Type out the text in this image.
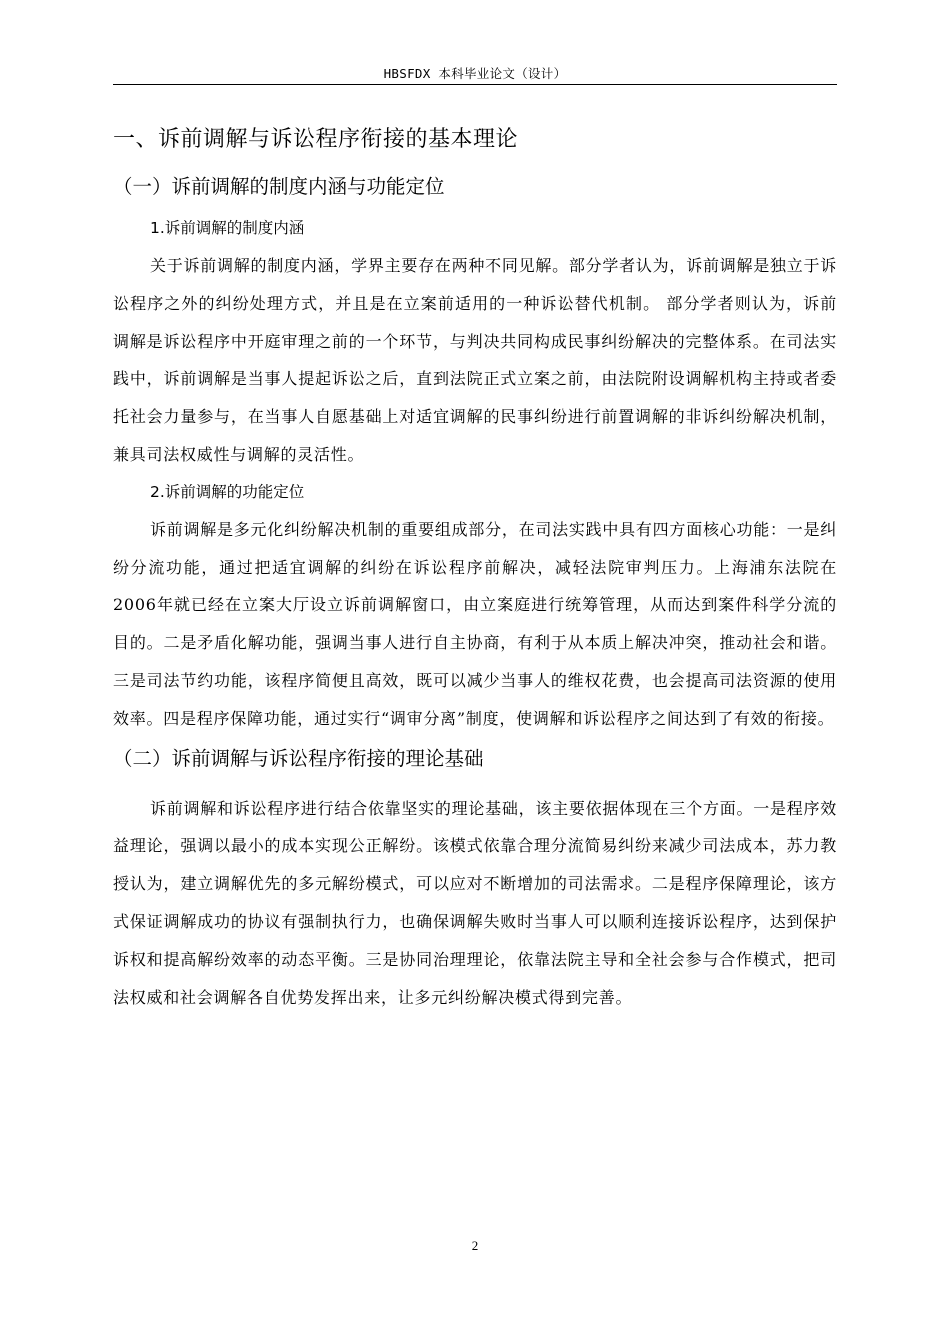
HBSFDX 本科毕业论文（设计）
一、诉前调解与诉讼程序衔接的基本理论
（一）诉前调解的制度内涵与功能定位
1.诉前调解的制度内涵

关于诉前调解的制度内涵，学界主要存在两种不同见解。部分学者认为，诉前调解是独立于诉讼程序之外的纠纷处理方式，并且是在立案前适用的一种诉讼替代机制。 部分学者则认为，诉前调解是诉讼程序中开庭审理之前的一个环节，与判决共同构成民事纠纷解决的完整体系。在司法实践中，诉前调解是当事人提起诉讼之后，直到法院正式立案之前，由法院附设调解机构主持或者委托社会力量参与，在当事人自愿基础上对适宜调解的民事纠纷进行前置调解的非诉纠纷解决机制，兼具司法权威性与调解的灵活性。

2.诉前调解的功能定位

诉前调解是多元化纠纷解决机制的重要组成部分，在司法实践中具有四方面核心功能：一是纠纷分流功能，通过把适宜调解的纠纷在诉讼程序前解决，减轻法院审判压力。上海浦东法院在2006年就已经在立案大厅设立诉前调解窗口，由立案庭进行统筹管理，从而达到案件科学分流的目的。二是矛盾化解功能，强调当事人进行自主协商，有利于从本质上解决冲突，推动社会和谐。三是司法节约功能，该程序简便且高效，既可以减少当事人的维权花费，也会提高司法资源的使用效率。四是程序保障功能，通过实行“调审分离”制度，使调解和诉讼程序之间达到了有效的衔接。

（二）诉前调解与诉讼程序衔接的理论基础

诉前调解和诉讼程序进行结合依靠坚实的理论基础，该主要依据体现在三个方面。一是程序效益理论，强调以最小的成本实现公正解纷。该模式依靠合理分流简易纠纷来减少司法成本，苏力教授认为，建立调解优先的多元解纷模式，可以应对不断增加的司法需求。二是程序保障理论，该方式保证调解成功的协议有强制执行力，也确保调解失败时当事人可以顺利连接诉讼程序，达到保护诉权和提高解纷效率的动态平衡。三是协同治理理论，依靠法院主导和全社会参与合作模式，把司法权威和社会调解各自优势发挥出来，让多元纠纷解决模式得到完善。

2
